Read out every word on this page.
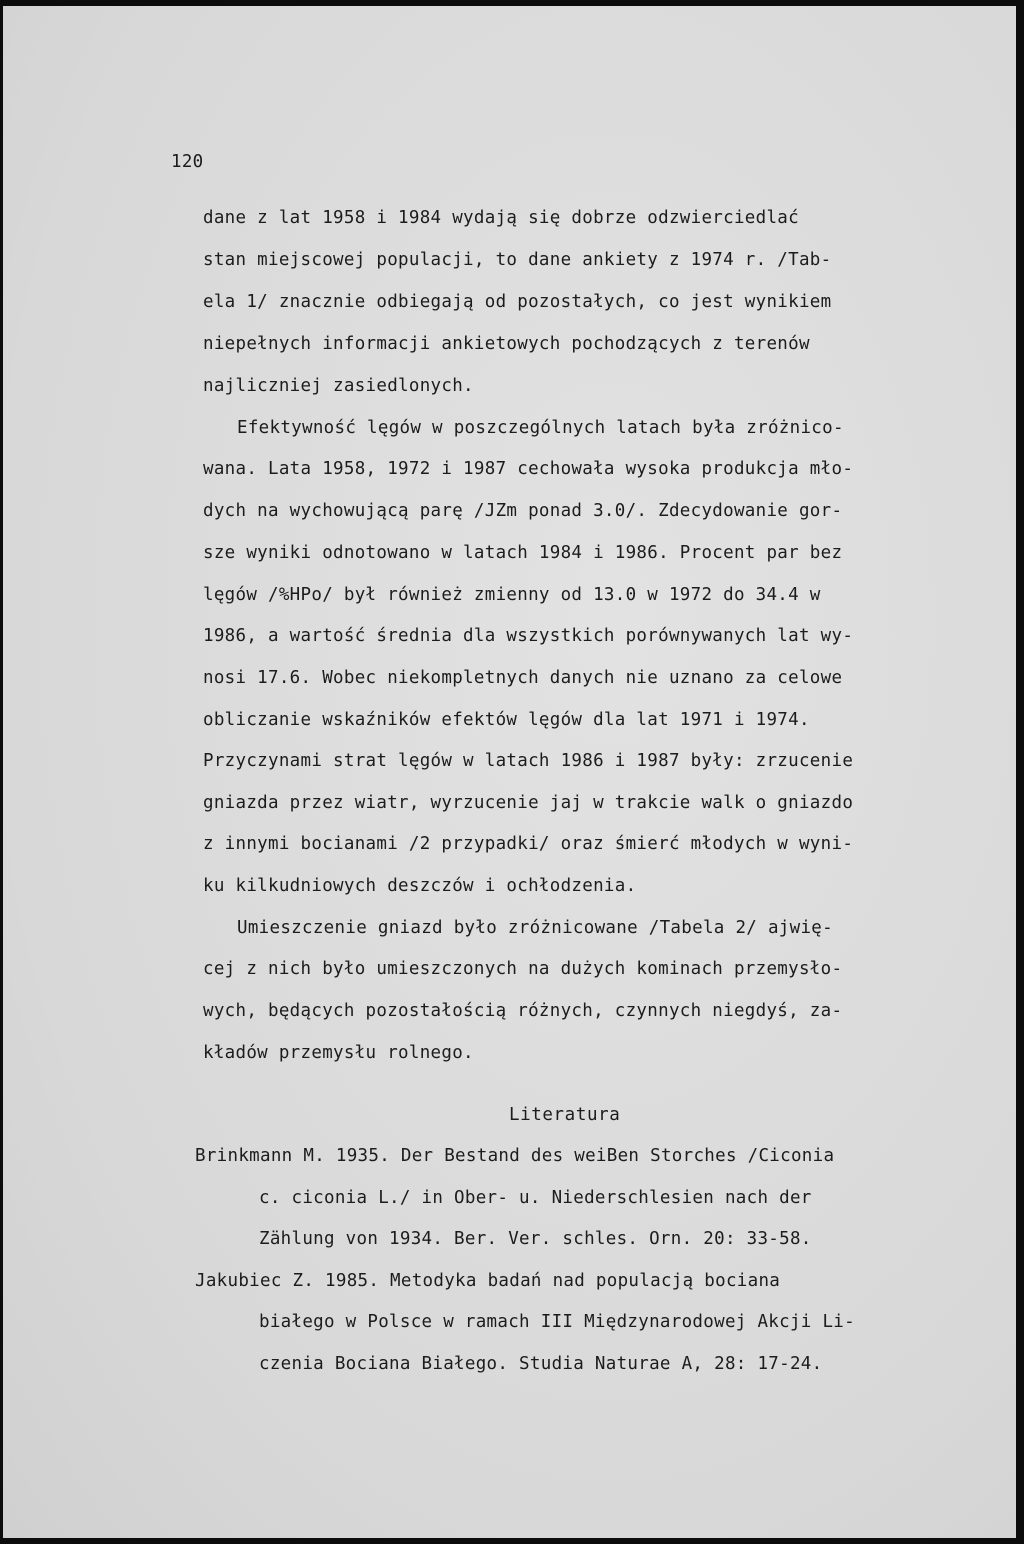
120
dane z lat 1958 i 1984 wydają się dobrze odzwierciedlać
stan miejscowej populacji, to dane ankiety z 1974 r. /Tab-
ela 1/ znacznie odbiegają od pozostałych, co jest wynikiem
niepełnych informacji ankietowych pochodzących z terenów
najliczniej zasiedlonych.
Efektywność lęgów w poszczególnych latach była zróżnico-
wana. Lata 1958, 1972 i 1987 cechowała wysoka produkcja mło-
dych na wychowującą parę /JZm ponad 3.0/. Zdecydowanie gor-
sze wyniki odnotowano w latach 1984 i 1986. Procent par bez
lęgów /%HPo/ był również zmienny od 13.0 w 1972 do 34.4 w
1986, a wartość średnia dla wszystkich porównywanych lat wy-
nosi 17.6. Wobec niekompletnych danych nie uznano za celowe
obliczanie wskaźników efektów lęgów dla lat 1971 i 1974.
Przyczynami strat lęgów w latach 1986 i 1987 były: zrzucenie
gniazda przez wiatr, wyrzucenie jaj w trakcie walk o gniazdo
z innymi bocianami /2 przypadki/ oraz śmierć młodych w wyni-
ku kilkudniowych deszczów i ochłodzenia.
Umieszczenie gniazd było zróżnicowane /Tabela 2/ ajwię-
cej z nich było umieszczonych na dużych kominach przemysło-
wych, będących pozostałością różnych, czynnych niegdyś, za-
kładów przemysłu rolnego.
Literatura
Brinkmann M. 1935. Der Bestand des weiBen Storches /Ciconia
c. ciconia L./ in Ober- u. Niederschlesien nach der
Zählung von 1934. Ber. Ver. schles. Orn. 20: 33-58.
Jakubiec Z. 1985. Metodyka badań nad populacją bociana
białego w Polsce w ramach III Międzynarodowej Akcji Li-
czenia Bociana Białego. Studia Naturae A, 28: 17-24.
